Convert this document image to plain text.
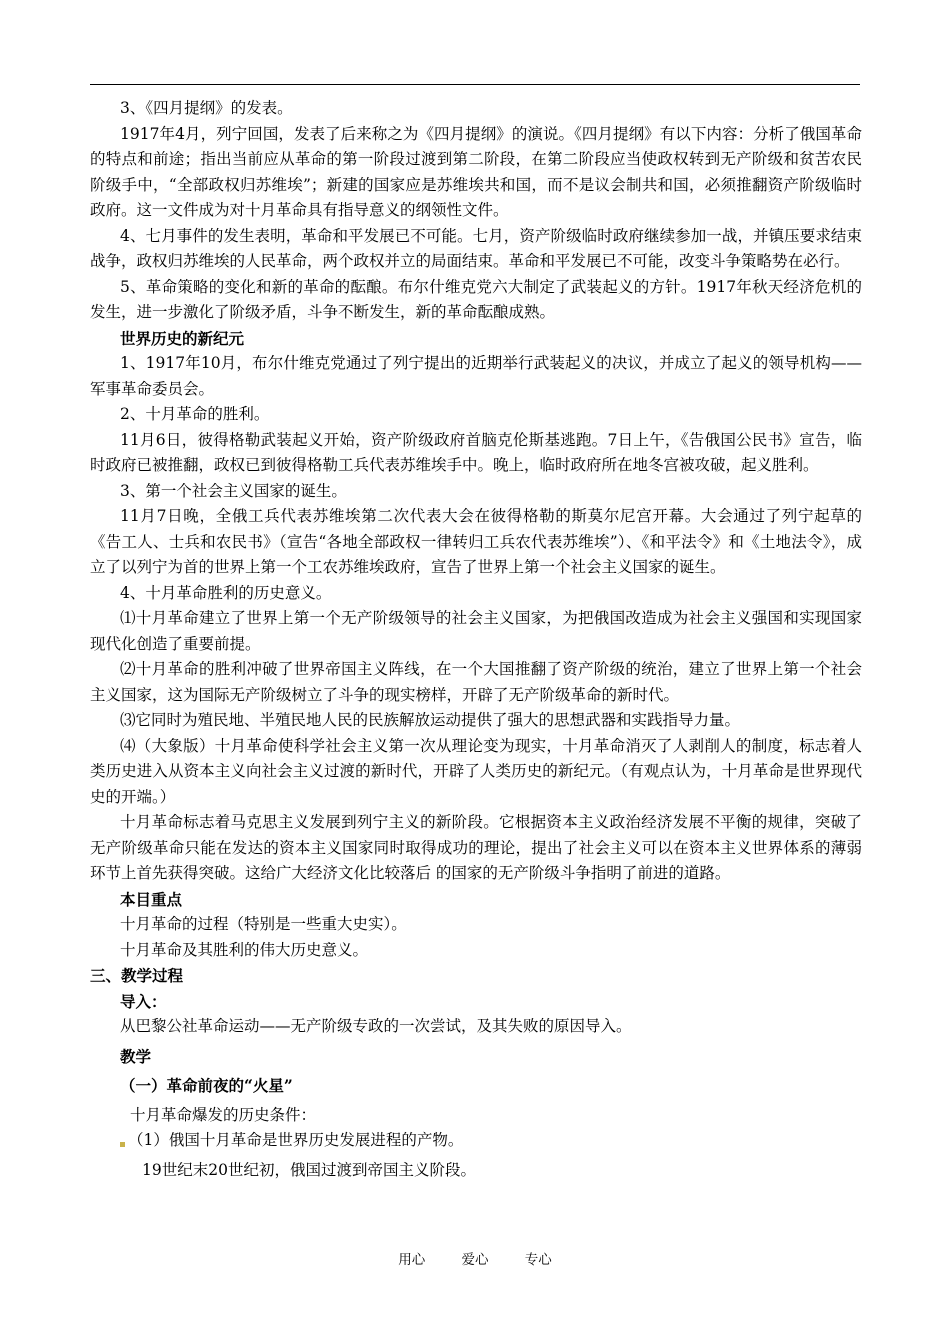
3、《四月提纲》的发表。

1917年4月，列宁回国，发表了后来称之为《四月提纲》的演说。《四月提纲》有以下内容：分析了俄国革命的特点和前途；指出当前应从革命的第一阶段过渡到第二阶段，在第二阶段应当使政权转到无产阶级和贫苦农民阶级手中，“全部政权归苏维埃”；新建的国家应是苏维埃共和国，而不是议会制共和国，必须推翻资产阶级临时政府。这一文件成为对十月革命具有指导意义的纲领性文件。

4、七月事件的发生表明，革命和平发展已不可能。七月，资产阶级临时政府继续参加一战，并镇压要求结束战争，政权归苏维埃的人民革命，两个政权并立的局面结束。革命和平发展已不可能，改变斗争策略势在必行。

5、革命策略的变化和新的革命的酝酿。布尔什维克党六大制定了武装起义的方针。1917年秋天经济危机的发生，进一步激化了阶级矛盾，斗争不断发生，新的革命酝酿成熟。

世界历史的新纪元

1、1917年10月，布尔什维克党通过了列宁提出的近期举行武装起义的决议，并成立了起义的领导机构——军事革命委员会。

2、十月革命的胜利。

11月6日，彼得格勒武装起义开始，资产阶级政府首脑克伦斯基逃跑。7日上午，《告俄国公民书》宣告，临时政府已被推翻，政权已到彼得格勒工兵代表苏维埃手中。晚上，临时政府所在地冬宫被攻破，起义胜利。

3、第一个社会主义国家的诞生。

11月7日晚，全俄工兵代表苏维埃第二次代表大会在彼得格勒的斯莫尔尼宫开幕。大会通过了列宁起草的《告工人、士兵和农民书》（宣告“各地全部政权一律转归工兵农代表苏维埃”）、《和平法令》和《土地法令》，成立了以列宁为首的世界上第一个工农苏维埃政府，宣告了世界上第一个社会主义国家的诞生。

4、十月革命胜利的历史意义。

⑴十月革命建立了世界上第一个无产阶级领导的社会主义国家，为把俄国改造成为社会主义强国和实现国家现代化创造了重要前提。

⑵十月革命的胜利冲破了世界帝国主义阵线，在一个大国推翻了资产阶级的统治，建立了世界上第一个社会主义国家，这为国际无产阶级树立了斗争的现实榜样，开辟了无产阶级革命的新时代。

⑶它同时为殖民地、半殖民地人民的民族解放运动提供了强大的思想武器和实践指导力量。

⑷（大象版）十月革命使科学社会主义第一次从理论变为现实，十月革命消灭了人剥削人的制度，标志着人类历史进入从资本主义向社会主义过渡的新时代，开辟了人类历史的新纪元。（有观点认为，十月革命是世界现代史的开端。）

十月革命标志着马克思主义发展到列宁主义的新阶段。它根据资本主义政治经济发展不平衡的规律，突破了无产阶级革命只能在发达的资本主义国家同时取得成功的理论，提出了社会主义可以在资本主义世界体系的薄弱环节上首先获得突破。这给广大经济文化比较落后 的国家的无产阶级斗争指明了前进的道路。

本目重点

十月革命的过程（特别是一些重大史实）。

十月革命及其胜利的伟大历史意义。

三、教学过程

导入：

从巴黎公社革命运动——无产阶级专政的一次尝试，及其失败的原因导入。

教学

（一）革命前夜的“火星”

十月革命爆发的历史条件：

（1）俄国十月革命是世界历史发展进程的产物。

19世纪末20世纪初，俄国过渡到帝国主义阶段。

用心	爱心	专心
